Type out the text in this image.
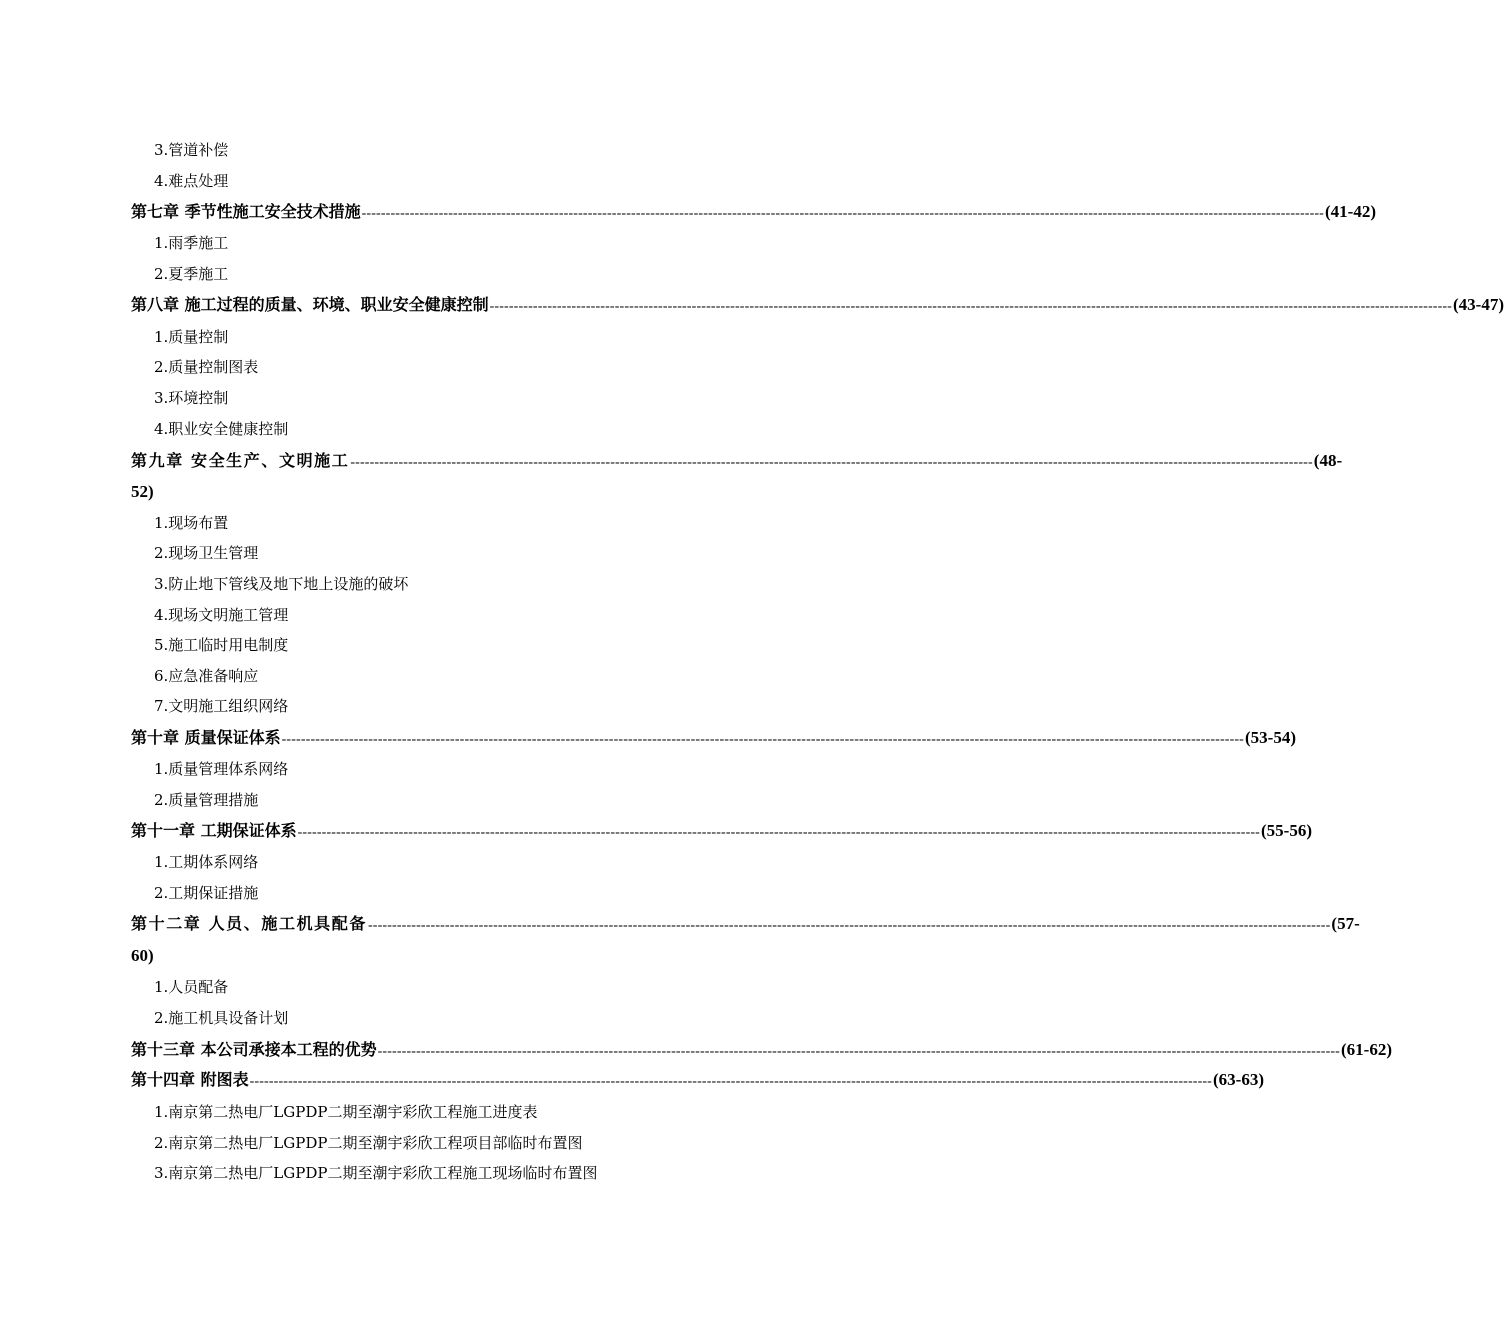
3.管道补偿
4.难点处理
第七章 季节性施工安全技术措施 -------------------------------------------------------------------------------------------------------------------------------------------------------------------------------------------------------- (41-42)
1.雨季施工
2.夏季施工
第八章 施工过程的质量、环境、职业安全健康控制 -------------------------------------------------------------------------------------------------------------------------------------------------------------------------------------------------------- (43-47)
1.质量控制
2.质量控制图表
3.环境控制
4.职业安全健康控制
第九章 安全生产、文明施工 -------------------------------------------------------------------------------------------------------------------------------------------------------------------------------------------------------- (48-
52)
1.现场布置
2.现场卫生管理
3.防止地下管线及地下地上设施的破坏
4.现场文明施工管理
5.施工临时用电制度
6.应急准备响应
7.文明施工组织网络
第十章 质量保证体系 -------------------------------------------------------------------------------------------------------------------------------------------------------------------------------------------------------- (53-54)
1.质量管理体系网络
2.质量管理措施
第十一章 工期保证体系 -------------------------------------------------------------------------------------------------------------------------------------------------------------------------------------------------------- (55-56)
1.工期体系网络
2.工期保证措施
第十二章 人员、施工机具配备 -------------------------------------------------------------------------------------------------------------------------------------------------------------------------------------------------------- (57-
60)
1.人员配备
2.施工机具设备计划
第十三章 本公司承接本工程的优势 -------------------------------------------------------------------------------------------------------------------------------------------------------------------------------------------------------- (61-62)
第十四章 附图表 -------------------------------------------------------------------------------------------------------------------------------------------------------------------------------------------------------- (63-63)
1.南京第二热电厂LGPDP二期至潮宇彩欣工程施工进度表
2.南京第二热电厂LGPDP二期至潮宇彩欣工程项目部临时布置图
3.南京第二热电厂LGPDP二期至潮宇彩欣工程施工现场临时布置图
